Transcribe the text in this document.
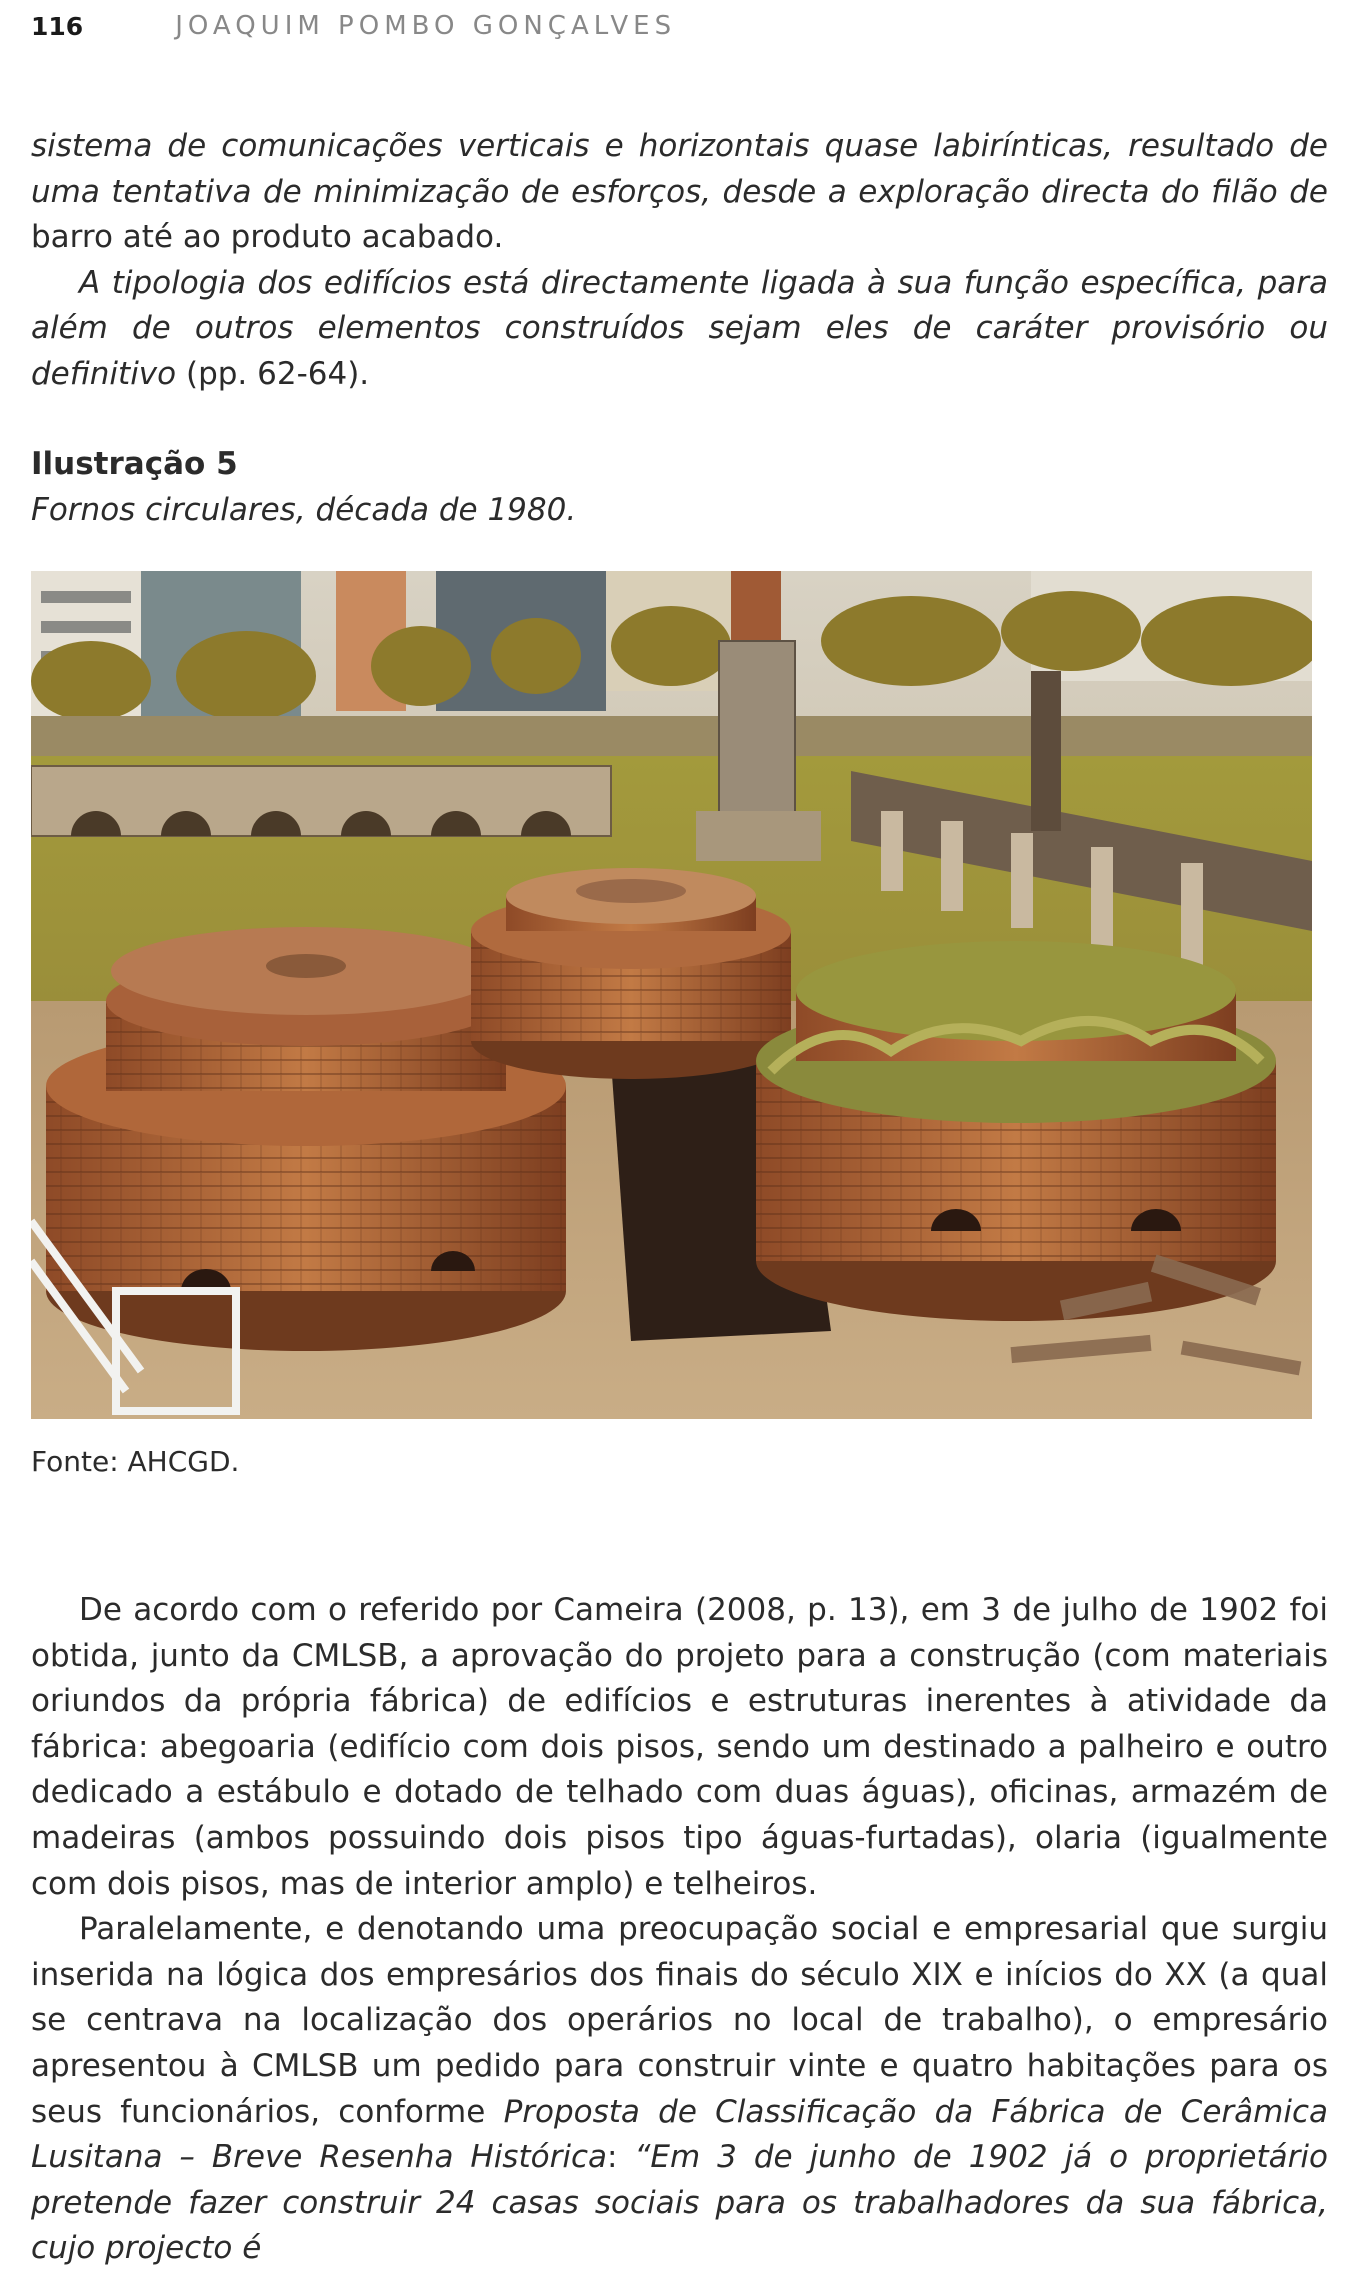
116	JOAQUIM POMBO GONÇALVES

sistema de comunicações verticais e horizontais quase labirínticas, resultado de uma tentativa de minimização de esforços, desde a exploração directa do filão de barro até ao produto acabado.

A tipologia dos edifícios está directamente ligada à sua função específica, para além de outros elementos construídos sejam eles de caráter provisório ou definitivo (pp. 62-64).

Ilustração 5
Fornos circulares, década de 1980.
Fonte: AHCGD.

De acordo com o referido por Cameira (2008, p. 13), em 3 de julho de 1902 foi obtida, junto da CMLSB, a aprovação do projeto para a construção (com materiais oriundos da própria fábrica) de edifícios e estruturas inerentes à atividade da fábrica: abegoaria (edifício com dois pisos, sendo um destinado a palheiro e outro dedicado a estábulo e dotado de telhado com duas águas), oficinas, armazém de madeiras (ambos possuindo dois pisos tipo águas-furtadas), olaria (igualmente com dois pisos, mas de interior amplo) e telheiros.

Paralelamente, e denotando uma preocupação social e empresarial que surgiu inserida na lógica dos empresários dos finais do século XIX e inícios do XX (a qual se centrava na localização dos operários no local de trabalho), o empresário apresentou à CMLSB um pedido para construir vinte e quatro habitações para os seus funcionários, conforme Proposta de Classificação da Fábrica de Cerâmica Lusitana – Breve Resenha Histórica: “Em 3 de junho de 1902 já o proprietário pretende fazer construir 24 casas sociais para os trabalhadores da sua fábrica, cujo projecto é
